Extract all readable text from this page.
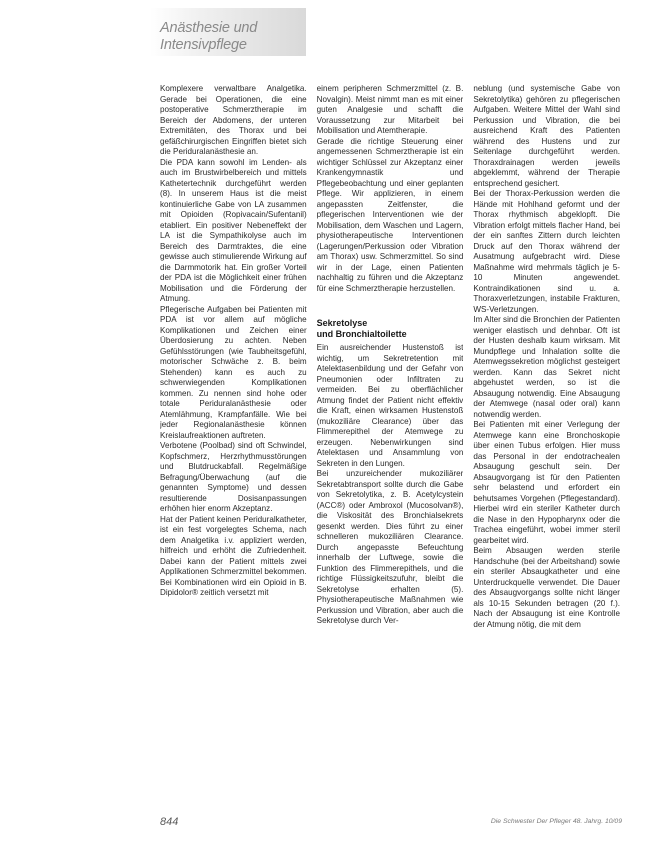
Anästhesie und
Intensivpflege

Komplexere verwaltbare Analgetika. Gerade bei Operationen, die eine postoperative Schmerztherapie im Bereich der Abdomens, der unteren Extremitäten, des Thorax und bei gefäßchirurgischen Eingriffen bietet sich die Periduralanästhesie an.

Die PDA kann sowohl im Lenden- als auch im Brustwirbelbereich und mittels Kathetertechnik durchgeführt werden (8). In unserem Haus ist die meist kontinuierliche Gabe von LA zusammen mit Opioiden (Ropivacain/Sufentanil) etabliert. Ein positiver Nebeneffekt der LA ist die Sympathikolyse auch im Bereich des Darmtraktes, die eine gewisse auch stimulierende Wirkung auf die Darmmotorik hat. Ein großer Vorteil der PDA ist die Möglichkeit einer frühen Mobilisation und die Förderung der Atmung.

Pflegerische Aufgaben bei Patienten mit PDA ist vor allem auf mögliche Komplikationen und Zeichen einer Überdosierung zu achten. Neben Gefühlsstörungen (wie Taubheitsgefühl, motorischer Schwäche z. B. beim Stehenden) kann es auch zu schwerwiegenden Komplikationen kommen. Zu nennen sind hohe oder totale Periduralanästhesie oder Atemlähmung, Krampfanfälle. Wie bei jeder Regionalanästhesie können Kreislaufreaktionen auftreten.

Verbotene (Poolbad) sind oft Schwindel, Kopfschmerz, Herzrhythmusstörungen und Blutdruckabfall. Regelmäßige Befragung/Überwachung (auf die genannten Symptome) und dessen resultierende Dosisanpassungen erhöhen hier enorm Akzeptanz.

Hat der Patient keinen Periduralkatheter, ist ein fest vorgelegtes Schema, nach dem Analgetika i.v. appliziert werden, hilfreich und erhöht die Zufriedenheit. Dabei kann der Patient mittels zwei Applikationen Schmerzmittel bekommen. Bei Kombinationen wird ein Opioid in B. Dipidolor® zeitlich versetzt mit

einem peripheren Schmerzmittel (z. B. Novalgin). Meist nimmt man es mit einer guten Analgesie und schafft die Voraussetzung zur Mitarbeit bei Mobilisation und Atemtherapie.

Gerade die richtige Steuerung einer angemessenen Schmerztherapie ist ein wichtiger Schlüssel zur Akzeptanz einer Krankengymnastik und Pflegebeobachtung und einer geplanten Pflege. Wir applizieren, in einem angepassten Zeitfenster, die pflegerischen Interventionen wie der Mobilisation, dem Waschen und Lagern, physiotherapeutische Interventionen (Lagerungen/Perkussion oder Vibration am Thorax) usw. Schmerzmittel. So sind wir in der Lage, einen Patienten nachhaltig zu führen und die Akzeptanz für eine Schmerztherapie herzustellen.

Sekretolyse
und Bronchialtoilette

Ein ausreichender Hustenstoß ist wichtig, um Sekretretention mit Atelektasenbildung und der Gefahr von Pneumonien oder Infiltraten zu vermeiden. Bei zu oberflächlicher Atmung findet der Patient nicht effektiv die Kraft, einen wirksamen Hustenstoß (mukoziliäre Clearance) über das Flimmerepithel der Atemwege zu erzeugen. Nebenwirkungen sind Atelektasen und Ansammlung von Sekreten in den Lungen.

Bei unzureichender mukoziliärer Sekretabtransport sollte durch die Gabe von Sekretolytika, z. B. Acetylcystein (ACC®) oder Ambroxol (Mucosolvan®), die Viskosität des Bronchialsekrets gesenkt werden. Dies führt zu einer schnelleren mukoziliären Clearance. Durch angepasste Befeuchtung innerhalb der Luftwege, sowie die Funktion des Flimmerepithels, und die richtige Flüssigkeitszufuhr, bleibt die Sekretolyse erhalten (5). Physiotherapeutische Maßnahmen wie Perkussion und Vibration, aber auch die Sekretolyse durch Ver-

neblung (und systemische Gabe von Sekretolytika) gehören zu pflegerischen Aufgaben. Weitere Mittel der Wahl sind Perkussion und Vibration, die bei ausreichend Kraft des Patienten während des Hustens und zur Seitenlage durchgeführt werden. Thoraxdrainagen werden jeweils abgeklemmt, während der Therapie entsprechend gesichert.

Bei der Thorax-Perkussion werden die Hände mit Hohlhand geformt und der Thorax rhythmisch abgeklopft. Die Vibration erfolgt mittels flacher Hand, bei der ein sanftes Zittern durch leichten Druck auf den Thorax während der Ausatmung aufgebracht wird. Diese Maßnahme wird mehrmals täglich je 5-10 Minuten angewendet. Kontraindikationen sind u. a. Thoraxverletzungen, instabile Frakturen, WS-Verletzungen.

Im Alter sind die Bronchien der Patienten weniger elastisch und dehnbar. Oft ist der Husten deshalb kaum wirksam. Mit Mundpflege und Inhalation sollte die Atemwegssekretion möglichst gesteigert werden. Kann das Sekret nicht abgehustet werden, so ist die Absaugung notwendig. Eine Absaugung der Atemwege (nasal oder oral) kann notwendig werden.

Bei Patienten mit einer Verlegung der Atemwege kann eine Bronchoskopie über einen Tubus erfolgen. Hier muss das Personal in der endotrachealen Absaugung geschult sein. Der Absaugvorgang ist für den Patienten sehr belastend und erfordert ein behutsames Vorgehen (Pflegestandard). Hierbei wird ein steriler Katheter durch die Nase in den Hypopharynx oder die Trachea eingeführt, wobei immer steril gearbeitet wird.

Beim Absaugen werden sterile Handschuhe (bei der Arbeitshand) sowie ein steriler Absaugkatheter und eine Unterdruckquelle verwendet. Die Dauer des Absaugvorgangs sollte nicht länger als 10-15 Sekunden betragen (20 f.). Nach der Absaugung ist eine Kontrolle der Atmung nötig, die mit dem

844	Die Schwester Der Pfleger 48. Jahrg. 10/09
